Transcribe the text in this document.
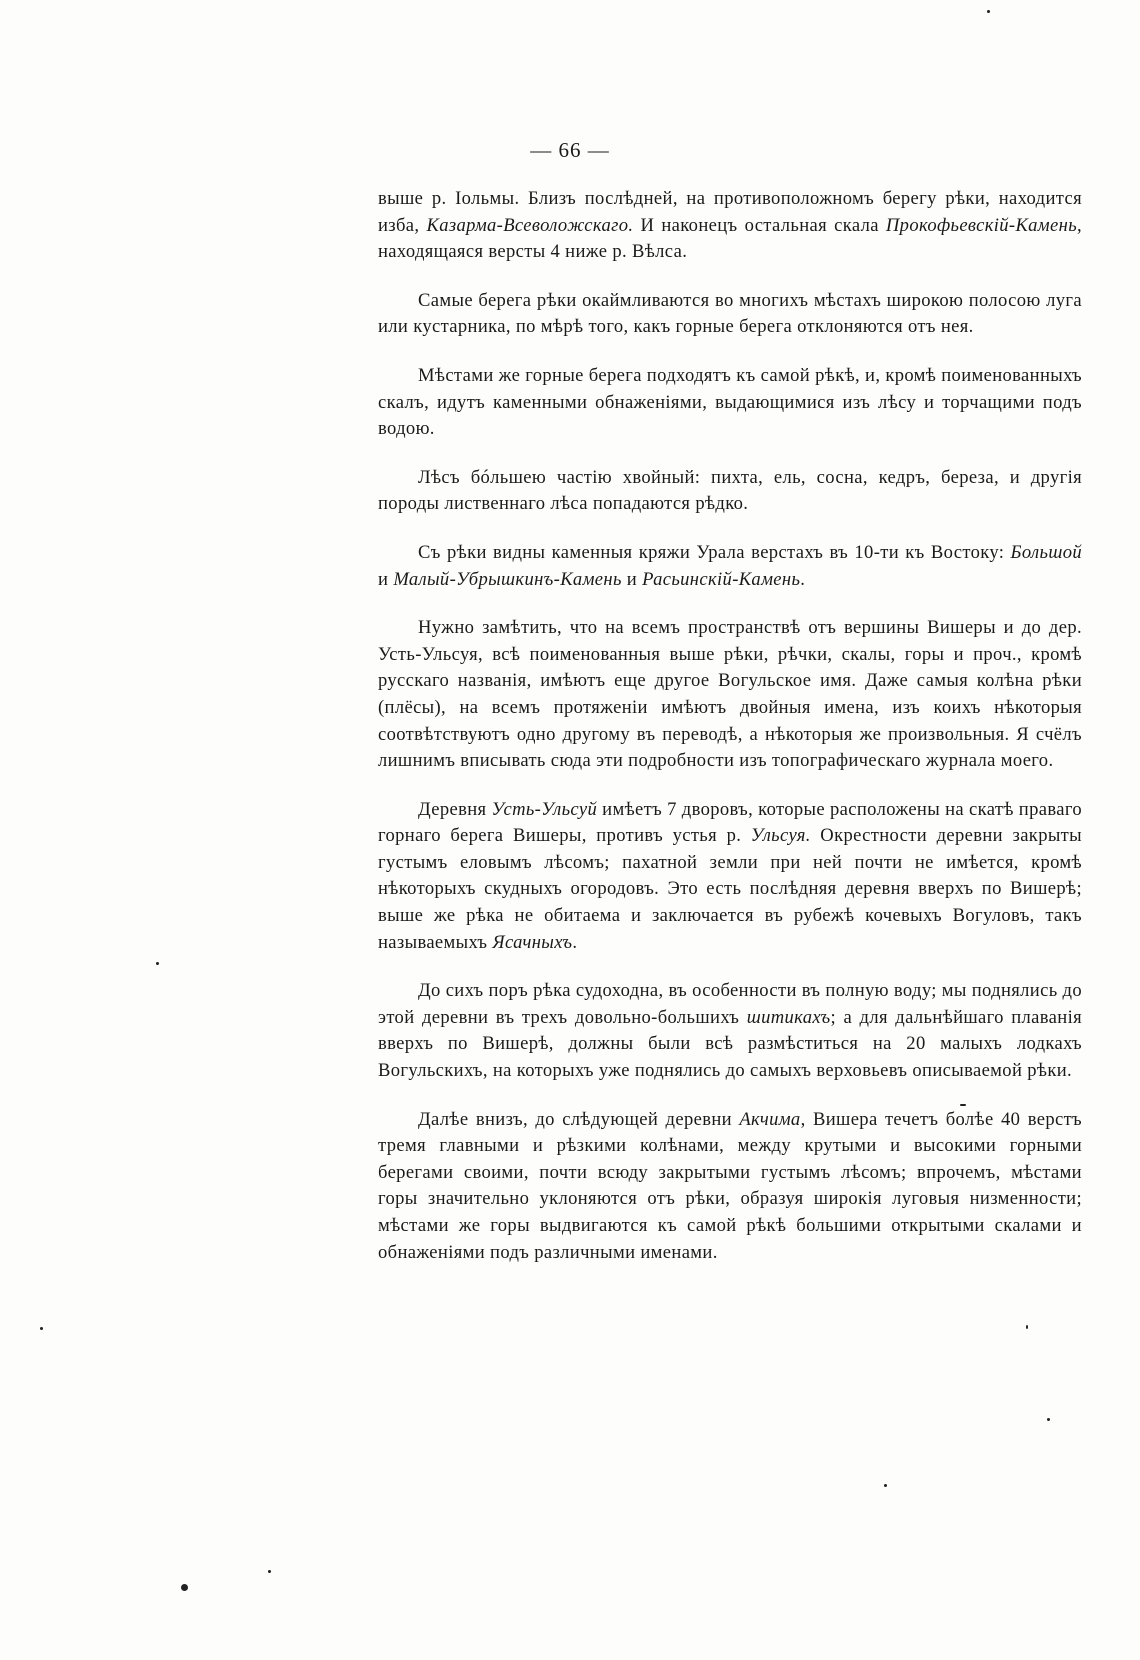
— 66 —

выше р. Іольмы. Близъ послѣдней, на противоположномъ берегу рѣки, находится изба, Казарма-Всеволожскаго. И наконецъ остальная скала Прокофьевскій-Камень, находящаяся версты 4 ниже р. Вѣлса.

Самые берега рѣки окаймливаются во многихъ мѣстахъ широкою полосою луга или кустарника, по мѣрѣ того, какъ горные берега отклоняются отъ нея.

Мѣстами же горные берега подходятъ къ самой рѣкѣ, и, кромѣ поименованныхъ скалъ, идутъ каменными обнаженіями, выдающимися изъ лѣсу и торчащими подъ водою.

Лѣсъ бóльшею частію хвойный: пихта, ель, сосна, кедръ, береза, и другія породы лиственнаго лѣса попадаются рѣдко.

Съ рѣки видны каменныя кряжи Урала верстахъ въ 10-ти къ Востоку: Большой и Малый-Убрышкинъ-Камень и Расьинскій-Камень.

Нужно замѣтить, что на всемъ пространствѣ отъ вершины Вишеры и до дер. Усть-Ульсуя, всѣ поименованныя выше рѣки, рѣчки, скалы, горы и проч., кромѣ русскаго названія, имѣютъ еще другое Вогульское имя. Даже самыя колѣна рѣки (плёсы), на всемъ протяженіи имѣютъ двойныя имена, изъ коихъ нѣкоторыя соотвѣтствуютъ одно другому въ переводѣ, а нѣкоторыя же произвольныя. Я счёлъ лишнимъ вписывать сюда эти подробности изъ топографическаго журнала моего.

Деревня Усть-Ульсуй имѣетъ 7 дворовъ, которые расположены на скатѣ праваго горнаго берега Вишеры, противъ устья р. Ульсуя. Окрестности деревни закрыты густымъ еловымъ лѣсомъ; пахатной земли при ней почти не имѣется, кромѣ нѣкоторыхъ скудныхъ огородовъ. Это есть послѣдняя деревня вверхъ по Вишерѣ; выше же рѣка не обитаема и заключается въ рубежѣ кочевыхъ Вогуловъ, такъ называемыхъ Ясачныхъ.

До сихъ поръ рѣка судоходна, въ особенности въ полную воду; мы поднялись до этой деревни въ трехъ довольно-большихъ шитикахъ; а для дальнѣйшаго плаванія вверхъ по Вишерѣ, должны были всѣ размѣститься на 20 малыхъ лодкахъ Вогульскихъ, на которыхъ уже поднялись до самыхъ верховьевъ описываемой рѣки.

Далѣе внизъ, до слѣдующей деревни Акчима, Вишера течетъ болѣе 40 верстъ тремя главными и рѣзкими колѣнами, между крутыми и высокими горными берегами своими, почти всюду закрытыми густымъ лѣсомъ; впрочемъ, мѣстами горы значительно уклоняются отъ рѣки, образуя широкія луговыя низменности; мѣстами же горы выдвигаются къ самой рѣкѣ большими открытыми скалами и обнаженіями подъ различными именами.
